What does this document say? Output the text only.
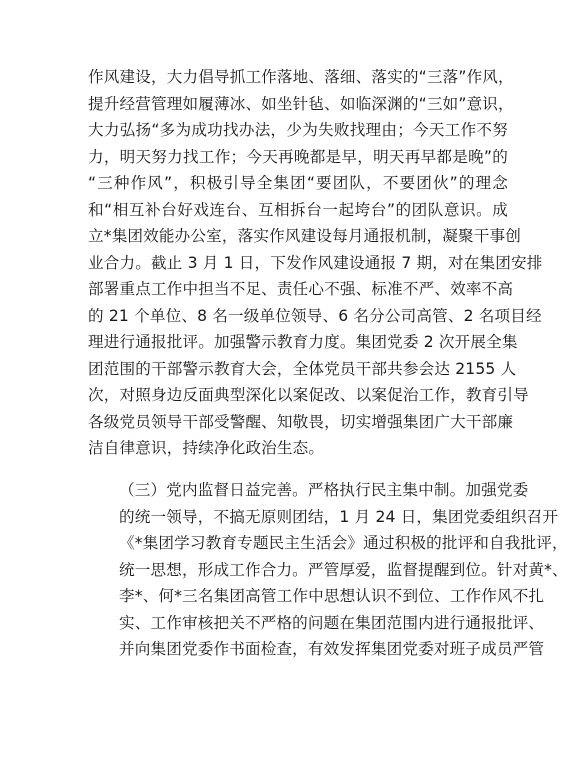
作风建设，大力倡导抓工作落地、落细、落实的“三落”作风，
提升经营管理如履薄冰、如坐针毡、如临深渊的“三如”意识，
大力弘扬“多为成功找办法，少为失败找理由；今天工作不努
力，明天努力找工作；今天再晚都是早，明天再早都是晚”的
“三种作风”，积极引导全集团“要团队，不要团伙”的理念
和“相互补台好戏连台、互相拆台一起垮台”的团队意识。成
立*集团效能办公室，落实作风建设每月通报机制，凝聚干事创
业合力。截止 3 月 1 日，下发作风建设通报 7 期，对在集团安排
部署重点工作中担当不足、责任心不强、标准不严、效率不高
的 21 个单位、8 名一级单位领导、6 名分公司高管、2 名项目经
理进行通报批评。加强警示教育力度。集团党委 2 次开展全集
团范围的干部警示教育大会，全体党员干部共参会达 2155 人
次，对照身边反面典型深化以案促改、以案促治工作，教育引导
各级党员领导干部受警醒、知敬畏，切实增强集团广大干部廉
洁自律意识，持续净化政治生态。

（三）党内监督日益完善。严格执行民主集中制。加强党委
的统一领导，不搞无原则团结，1 月 24 日，集团党委组织召开
《*集团学习教育专题民主生活会》通过积极的批评和自我批评，
统一思想，形成工作合力。严管厚爱，监督提醒到位。针对黄*、
李*、何*三名集团高管工作中思想认识不到位、工作作风不扎
实、工作审核把关不严格的问题在集团范围内进行通报批评、
并向集团党委作书面检查，有效发挥集团党委对班子成员严管
